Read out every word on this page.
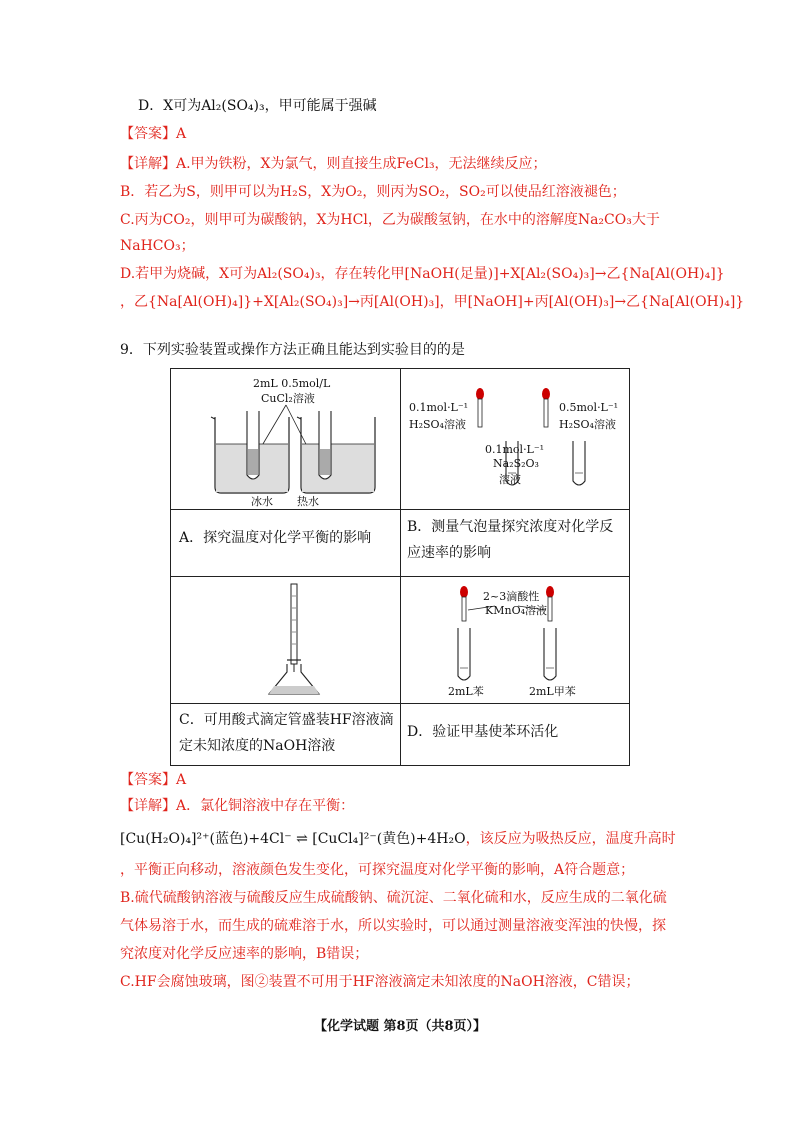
D．X可为Al₂(SO₄)₃，甲可能属于强碱
【答案】A
【详解】A.甲为铁粉，X为氯气，则直接生成FeCl₃，无法继续反应；
B．若乙为S，则甲可以为H₂S，X为O₂，则丙为SO₂，SO₂可以使品红溶液褪色；
C.丙为CO₂，则甲可为碳酸钠，X为HCl，乙为碳酸氢钠，在水中的溶解度Na₂CO₃大于
NaHCO₃；
D.若甲为烧碱，X可为Al₂(SO₄)₃，存在转化甲[NaOH(足量)]+X[Al₂(SO₄)₃]→乙{Na[Al(OH)₄]}
，乙{Na[Al(OH)₄]}+X[Al₂(SO₄)₃]→丙[Al(OH)₃]，甲[NaOH]+丙[Al(OH)₃]→乙{Na[Al(OH)₄]}
9．下列实验装置或操作方法正确且能达到实验目的的是
2mL 0.5mol/L
CuCl₂溶液
冰水 热水
0.1mol·L⁻¹
H₂SO₄溶液
0.5mol·L⁻¹
H₂SO₄溶液
0.1mol·L⁻¹
Na₂S₂O₃
溶液
A．探究温度对化学平衡的影响
B．测量气泡量探究浓度对化学反
应速率的影响
2~3滴酸性
KMnO₄溶液
2mL苯	2mL甲苯
C．可用酸式滴定管盛装HF溶液滴
定未知浓度的NaOH溶液
D．验证甲基使苯环活化
【答案】A
【详解】A．氯化铜溶液中存在平衡：
[Cu(H₂O)₄]²⁺(蓝色)+4Cl⁻ ⇌ [CuCl₄]²⁻(黄色)+4H₂O，该反应为吸热反应，温度升高时
，平衡正向移动，溶液颜色发生变化，可探究温度对化学平衡的影响，A符合题意；
B.硫代硫酸钠溶液与硫酸反应生成硫酸钠、硫沉淀、二氧化硫和水，反应生成的二氧化硫
气体易溶于水，而生成的硫难溶于水，所以实验时，可以通过测量溶液变浑浊的快慢，探
究浓度对化学反应速率的影响，B错误；
C.HF会腐蚀玻璃，图②装置不可用于HF溶液滴定未知浓度的NaOH溶液，C错误；
【化学试题 第8页（共8页）】
